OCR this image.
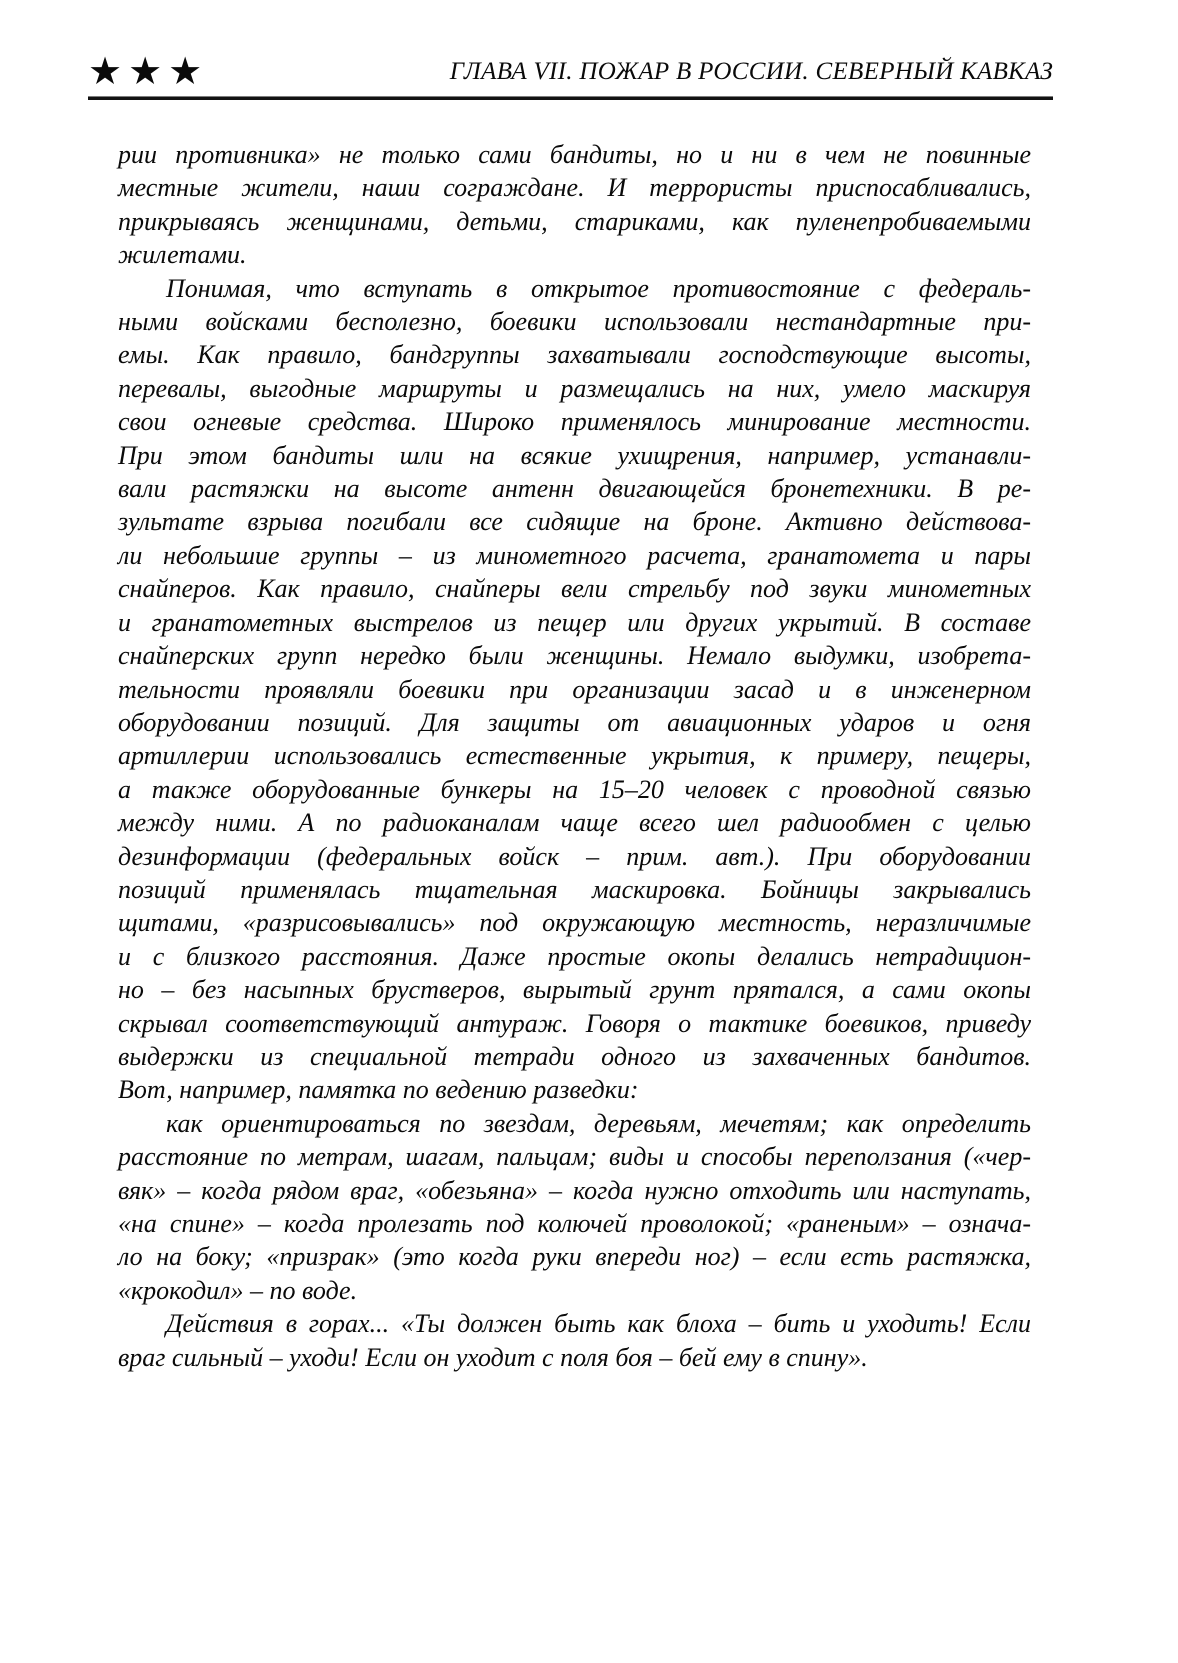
★★★	ГЛАВА VII. ПОЖАР В РОССИИ. СЕВЕРНЫЙ КАВКАЗ
рии противника» не только сами бандиты, но и ни в чем не повинные
местные жители, наши сограждане. И террористы приспосабливались,
прикрываясь женщинами, детьми, стариками, как пуленепробиваемыми
жилетами.
Понимая, что вступать в открытое противостояние с федераль-
ными войсками бесполезно, боевики использовали нестандартные при-
емы. Как правило, бандгруппы захватывали господствующие высоты,
перевалы, выгодные маршруты и размещались на них, умело маскируя
свои огневые средства. Широко применялось минирование местности.
При этом бандиты шли на всякие ухищрения, например, устанавли-
вали растяжки на высоте антенн двигающейся бронетехники. В ре-
зультате взрыва погибали все сидящие на броне. Активно действова-
ли небольшие группы – из минометного расчета, гранатомета и пары
снайперов. Как правило, снайперы вели стрельбу под звуки минометных
и гранатометных выстрелов из пещер или других укрытий. В составе
снайперских групп нередко были женщины. Немало выдумки, изобрета-
тельности проявляли боевики при организации засад и в инженерном
оборудовании позиций. Для защиты от авиационных ударов и огня
артиллерии использовались естественные укрытия, к примеру, пещеры,
а также оборудованные бункеры на 15–20 человек с проводной связью
между ними. А по радиоканалам чаще всего шел радиообмен с целью
дезинформации (федеральных войск – прим. авт.). При оборудовании
позиций применялась тщательная маскировка. Бойницы закрывались
щитами, «разрисовывались» под окружающую местность, неразличимые
и с близкого расстояния. Даже простые окопы делались нетрадицион-
но – без насыпных брустверов, вырытый грунт прятался, а сами окопы
скрывал соответствующий антураж. Говоря о тактике боевиков, приведу
выдержки из специальной тетради одного из захваченных бандитов.
Вот, например, памятка по ведению разведки:
как ориентироваться по звездам, деревьям, мечетям; как определить
расстояние по метрам, шагам, пальцам; виды и способы переползания («чер-
вяк» – когда рядом враг, «обезьяна» – когда нужно отходить или наступать,
«на спине» – когда пролезать под колючей проволокой; «раненым» – означа-
ло на боку; «призрак» (это когда руки впереди ног) – если есть растяжка,
«крокодил» – по воде.
Действия в горах... «Ты должен быть как блоха – бить и уходить! Если
враг сильный – уходи! Если он уходит с поля боя – бей ему в спину».
